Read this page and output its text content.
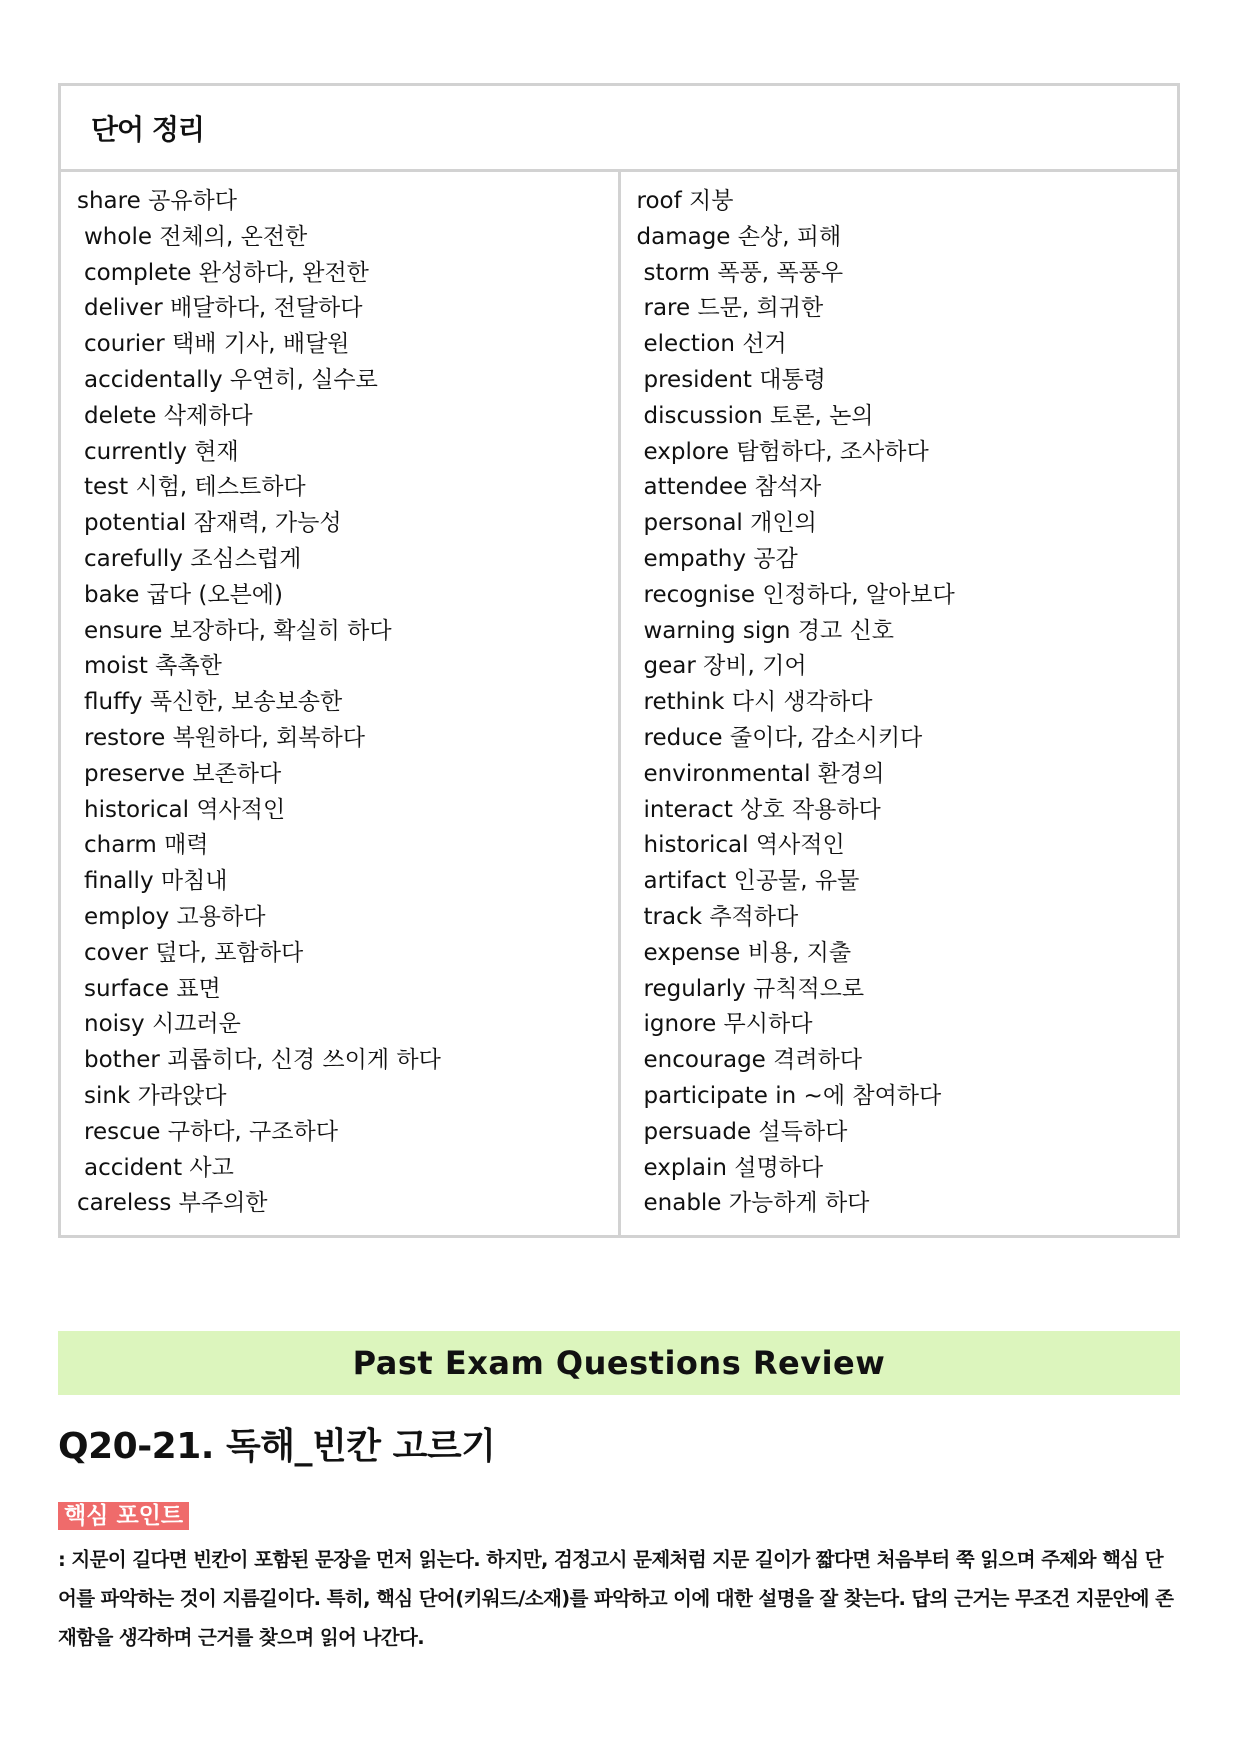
단어 정리
share 공유하다
whole 전체의, 온전한
complete 완성하다, 완전한
deliver 배달하다, 전달하다
courier 택배 기사, 배달원
accidentally 우연히, 실수로
delete 삭제하다
currently 현재
test 시험, 테스트하다
potential 잠재력, 가능성
carefully 조심스럽게
bake 굽다 (오븐에)
ensure 보장하다, 확실히 하다
moist 촉촉한
fluffy 푹신한, 보송보송한
restore 복원하다, 회복하다
preserve 보존하다
historical 역사적인
charm 매력
finally 마침내
employ 고용하다
cover 덮다, 포함하다
surface 표면
noisy 시끄러운
bother 괴롭히다, 신경 쓰이게 하다
sink 가라앉다
rescue 구하다, 구조하다
accident 사고
careless 부주의한
roof 지붕
damage 손상, 피해
storm 폭풍, 폭풍우
rare 드문, 희귀한
election 선거
president 대통령
discussion 토론, 논의
explore 탐험하다, 조사하다
attendee 참석자
personal 개인의
empathy 공감
recognise 인정하다, 알아보다
warning sign 경고 신호
gear 장비, 기어
rethink 다시 생각하다
reduce 줄이다, 감소시키다
environmental 환경의
interact 상호 작용하다
historical 역사적인
artifact 인공물, 유물
track 추적하다
expense 비용, 지출
regularly 규칙적으로
ignore 무시하다
encourage 격려하다
participate in ~에 참여하다
persuade 설득하다
explain 설명하다
enable 가능하게 하다
Past Exam Questions Review
Q20-21. 독해_빈칸 고르기
핵심 포인트
: 지문이 길다면 빈칸이 포함된 문장을 먼저 읽는다. 하지만, 검정고시 문제처럼 지문 길이가 짧다면 처음부터 쭉 읽으며 주제와 핵심 단어를 파악하는 것이 지름길이다. 특히, 핵심 단어(키워드/소재)를 파악하고 이에 대한 설명을 잘 찾는다. 답의 근거는 무조건 지문안에 존재함을 생각하며 근거를 찾으며 읽어 나간다.
